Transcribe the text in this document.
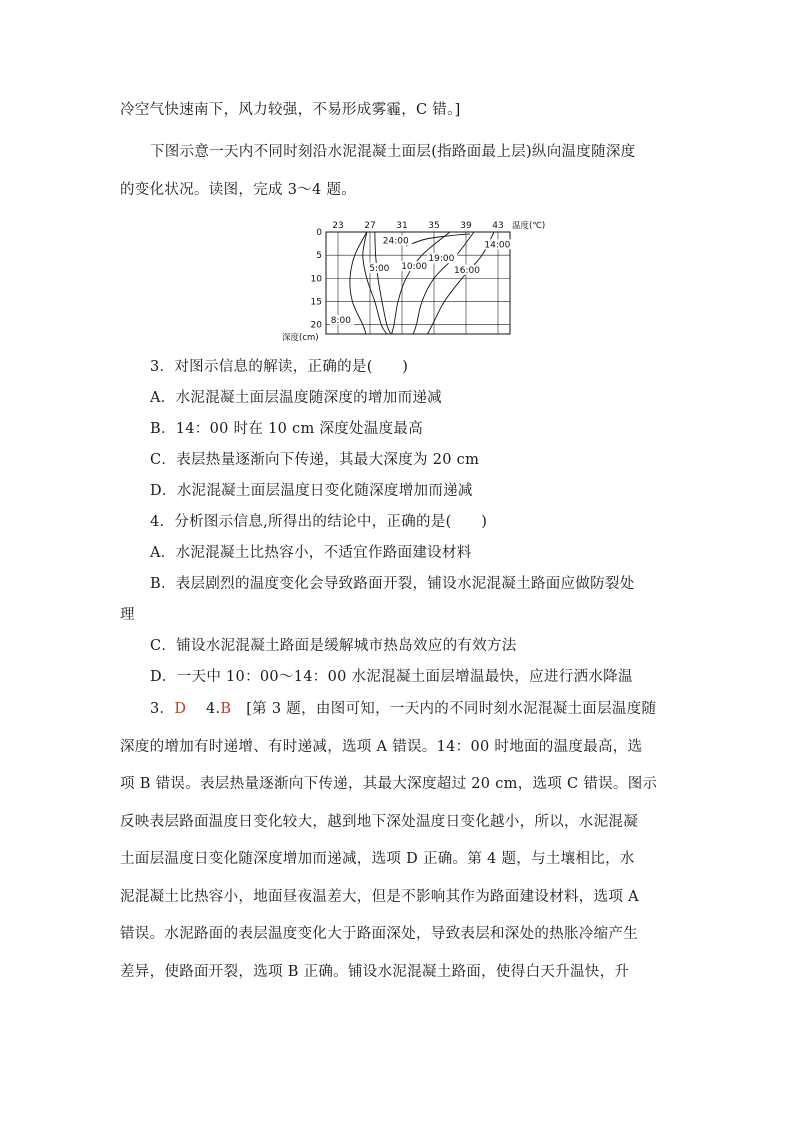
冷空气快速南下，风力较强，不易形成雾霾，C 错。]
下图示意一天内不同时刻沿水泥混凝土面层(指路面最上层)纵向温度随深度
的变化状况。读图，完成 3～4 题。
23 27 31 35 39 43
0
5
10
15
20
温度(℃)
深度(cm)
24:00
5:00 10:00
19:00
16:00
14:00
8:00
3．对图示信息的解读，正确的是(　　)
A．水泥混凝土面层温度随深度的增加而递减
B．14：00 时在 10 cm 深度处温度最高
C．表层热量逐渐向下传递，其最大深度为 20 cm
D．水泥混凝土面层温度日变化随深度增加而递减
4．分析图示信息,所得出的结论中，正确的是(　　)
A．水泥混凝土比热容小，不适宜作路面建设材料
B．表层剧烈的温度变化会导致路面开裂，铺设水泥混凝土路面应做防裂处
理
C．铺设水泥混凝土路面是缓解城市热岛效应的有效方法
D．一天中 10：00～14：00 水泥混凝土面层增温最快，应进行洒水降温
3．D　 4.B　 [第 3 题，由图可知，一天内的不同时刻水泥混凝土面层温度随
深度的增加有时递增、有时递减，选项 A 错误。14：00 时地面的温度最高，选
项 B 错误。表层热量逐渐向下传递，其最大深度超过 20 cm，选项 C 错误。图示
反映表层路面温度日变化较大，越到地下深处温度日变化越小，所以，水泥混凝
土面层温度日变化随深度增加而递减，选项 D 正确。第 4 题，与土壤相比，水
泥混凝土比热容小，地面昼夜温差大，但是不影响其作为路面建设材料，选项 A
错误。水泥路面的表层温度变化大于路面深处，导致表层和深处的热胀冷缩产生
差异，使路面开裂，选项 B 正确。铺设水泥混凝土路面，使得白天升温快，升
